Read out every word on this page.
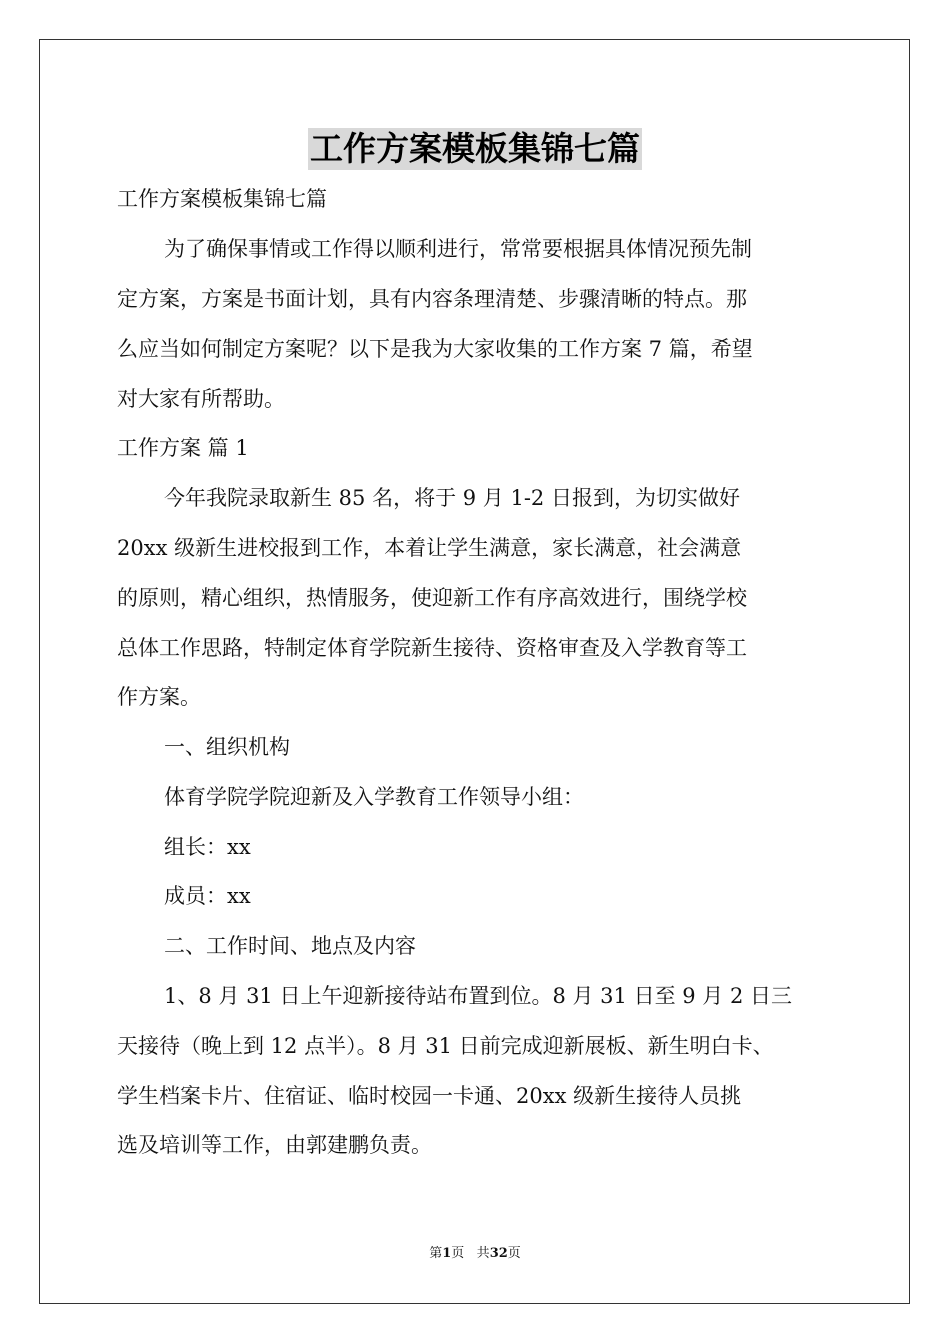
工作方案模板集锦七篇
工作方案模板集锦七篇
为了确保事情或工作得以顺利进行，常常要根据具体情况预先制
定方案，方案是书面计划，具有内容条理清楚、步骤清晰的特点。那
么应当如何制定方案呢？以下是我为大家收集的工作方案 7 篇，希望
对大家有所帮助。
工作方案 篇 1
今年我院录取新生 85 名，将于 9 月 1-2 日报到，为切实做好
20xx 级新生进校报到工作，本着让学生满意，家长满意，社会满意
的原则，精心组织，热情服务，使迎新工作有序高效进行，围绕学校
总体工作思路，特制定体育学院新生接待、资格审查及入学教育等工
作方案。
一、组织机构
体育学院学院迎新及入学教育工作领导小组：
组长：xx
成员：xx
二、工作时间、地点及内容
1、8 月 31 日上午迎新接待站布置到位。8 月 31 日至 9 月 2 日三
天接待（晚上到 12 点半）。8 月 31 日前完成迎新展板、新生明白卡、
学生档案卡片、住宿证、临时校园一卡通、20xx 级新生接待人员挑
选及培训等工作，由郭建鹏负责。
第1页 共32页
